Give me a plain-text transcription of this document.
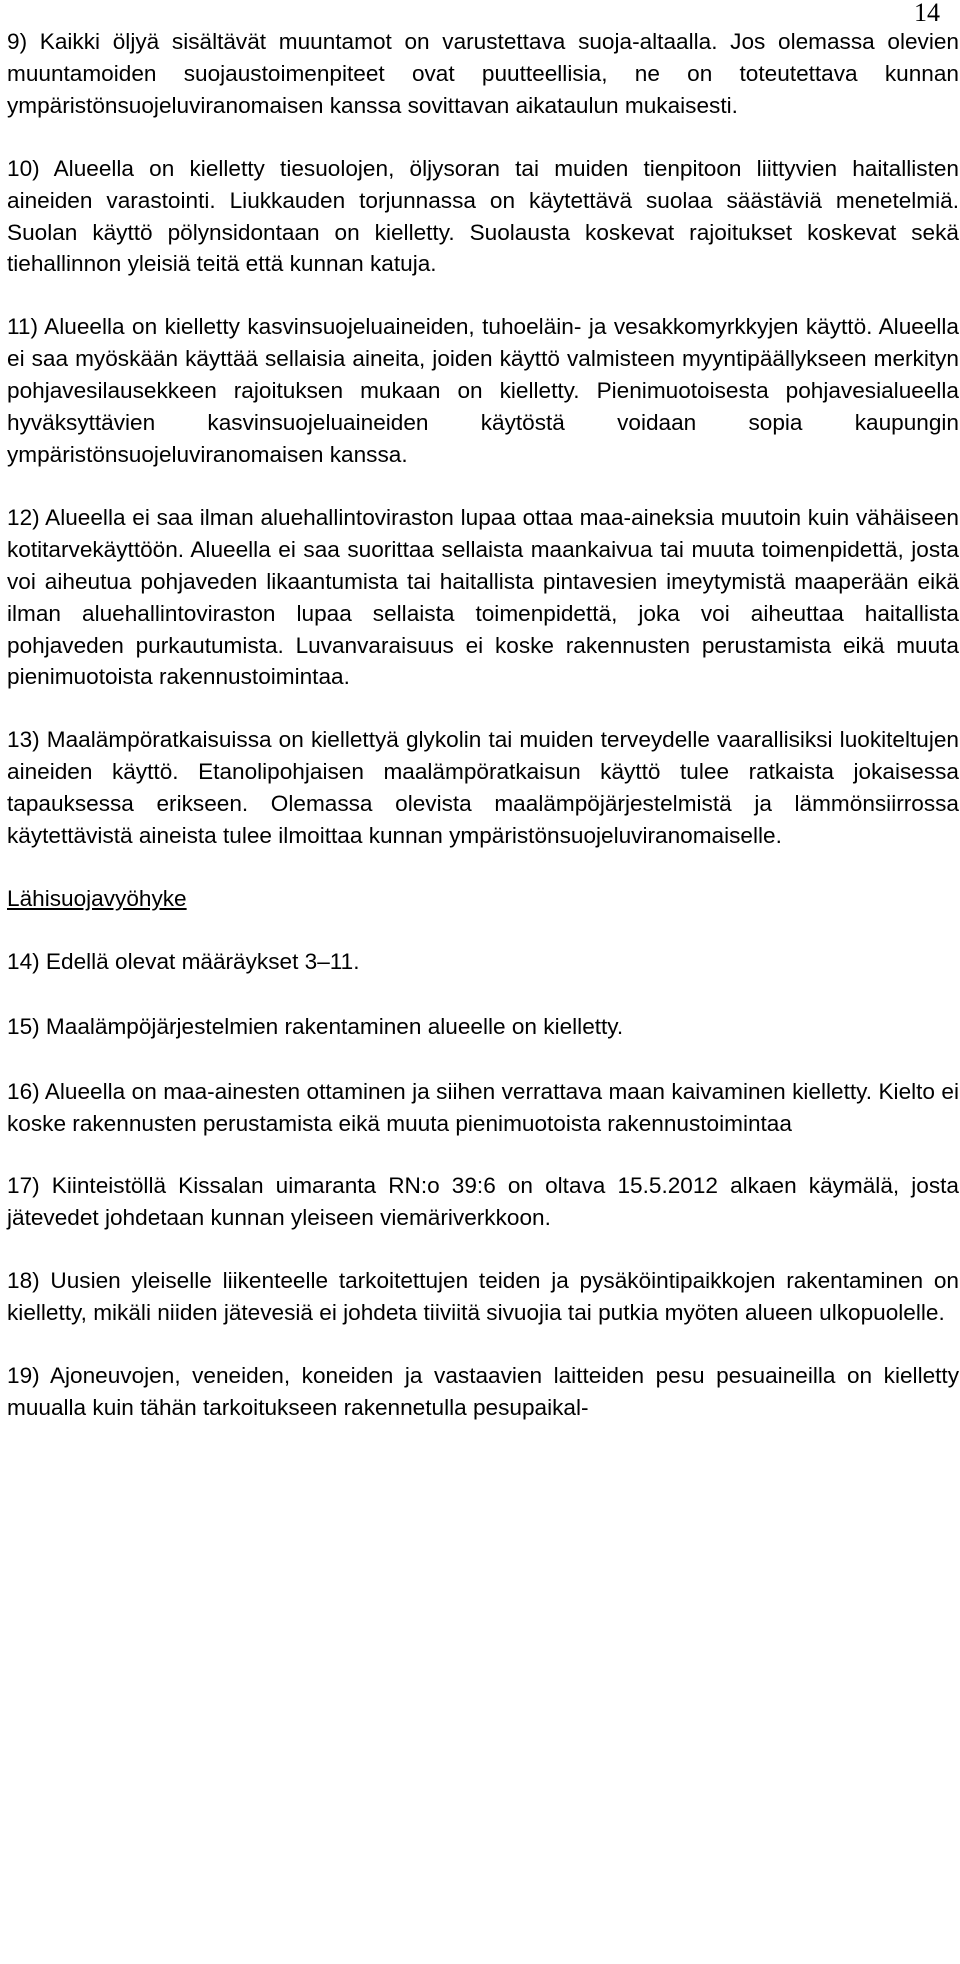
14

9) Kaikki öljyä sisältävät muuntamot on varustettava suoja-altaalla. Jos olemassa olevien muuntamoiden suojaustoimenpiteet ovat puutteellisia, ne on toteutettava kunnan ympäristönsuojeluviranomaisen kanssa sovittavan aikataulun mukaisesti.

10) Alueella on kielletty tiesuolojen, öljysoran tai muiden tienpitoon liittyvien haitallisten aineiden varastointi. Liukkauden torjunnassa on käytettävä suolaa säästäviä menetelmiä. Suolan käyttö pölynsidontaan on kielletty. Suolausta koskevat rajoitukset koskevat sekä tiehallinnon yleisiä teitä että kunnan katuja.

11) Alueella on kielletty kasvinsuojeluaineiden, tuhoeläin- ja vesakkomyrkkyjen käyttö. Alueella ei saa myöskään käyttää sellaisia aineita, joiden käyttö valmisteen myyntipäällykseen merkityn pohjavesilausekkeen rajoituksen mukaan on kielletty. Pienimuotoisesta pohjavesialueella hyväksyttävien kasvinsuojeluaineiden käytöstä voidaan sopia kaupungin ympäristönsuojeluviranomaisen kanssa.

12) Alueella ei saa ilman aluehallintoviraston lupaa ottaa maa-aineksia muutoin kuin vähäiseen kotitarvekäyttöön. Alueella ei saa suorittaa sellaista maankaivua tai muuta toimenpidettä, josta voi aiheutua pohjaveden likaantumista tai haitallista pintavesien imeytymistä maaperään eikä ilman aluehallintoviraston lupaa sellaista toimenpidettä, joka voi aiheuttaa haitallista pohjaveden purkautumista. Luvanvaraisuus ei koske rakennusten perustamista eikä muuta pienimuotoista rakennustoimintaa.

13) Maalämpöratkaisuissa on kiellettyä glykolin tai muiden terveydelle vaarallisiksi luokiteltujen aineiden käyttö. Etanolipohjaisen maalämpöratkaisun käyttö tulee ratkaista jokaisessa tapauksessa erikseen. Olemassa olevista maalämpöjärjestelmistä ja lämmönsiirrossa käytettävistä aineista tulee ilmoittaa kunnan ympäristönsuojeluviranomaiselle.

Lähisuojavyöhyke

14) Edellä olevat määräykset 3–11.

15) Maalämpöjärjestelmien rakentaminen alueelle on kielletty.

16) Alueella on maa-ainesten ottaminen ja siihen verrattava maan kaivaminen kielletty. Kielto ei koske rakennusten perustamista eikä muuta pienimuotoista rakennustoimintaa

17) Kiinteistöllä Kissalan uimaranta RN:o 39:6 on oltava 15.5.2012 alkaen käymälä, josta jätevedet johdetaan kunnan yleiseen viemäriverkkoon.

18) Uusien yleiselle liikenteelle tarkoitettujen teiden ja pysäköintipaikkojen rakentaminen on kielletty, mikäli niiden jätevesiä ei johdeta tiiviitä sivuojia tai putkia myöten alueen ulkopuolelle.

19) Ajoneuvojen, veneiden, koneiden ja vastaavien laitteiden pesu pesuaineilla on kielletty muualla kuin tähän tarkoitukseen rakennetulla pesupaikal-
